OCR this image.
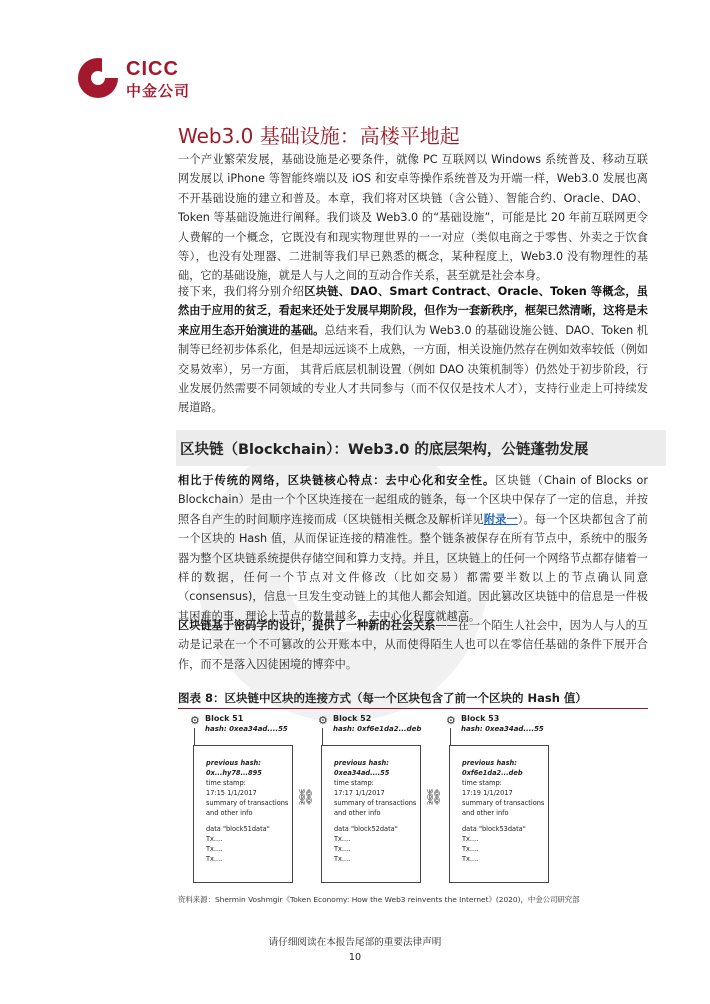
CICC
中金公司
Web3.0 基础设施：高楼平地起
一个产业繁荣发展，基础设施是必要条件，就像 PC 互联网以 Windows 系统普及、移动互联网发展以 iPhone 等智能终端以及 iOS 和安卓等操作系统普及为开端一样，Web3.0 发展也离不开基础设施的建立和普及。本章，我们将对区块链（含公链）、智能合约、Oracle、DAO、Token 等基础设施进行阐释。我们谈及 Web3.0 的“基础设施”，可能是比 20 年前互联网更令人费解的一个概念，它既没有和现实物理世界的一一对应（类似电商之于零售、外卖之于饮食等），也没有处理器、二进制等我们早已熟悉的概念，某种程度上，Web3.0 没有物理性的基础，它的基础设施，就是人与人之间的互动合作关系，甚至就是社会本身。
接下来，我们将分别介绍区块链、DAO、Smart Contract、Oracle、Token 等概念，虽然由于应用的贫乏，看起来还处于发展早期阶段，但作为一套新秩序，框架已然清晰，这将是未来应用生态开始演进的基础。总结来看，我们认为 Web3.0 的基础设施公链、DAO、Token 机制等已经初步体系化，但是却远远谈不上成熟，一方面，相关设施仍然存在例如效率较低（例如交易效率），另一方面， 其背后底层机制设置（例如 DAO 决策机制等）仍然处于初步阶段，行业发展仍然需要不同领域的专业人才共同参与（而不仅仅是技术人才），支持行业走上可持续发展道路。
区块链（Blockchain）：Web3.0 的底层架构，公链蓬勃发展
相比于传统的网络，区块链核心特点：去中心化和安全性。区块链（Chain of Blocks or Blockchain）是由一个个区块连接在一起组成的链条，每一个区块中保存了一定的信息，并按照各自产生的时间顺序连接而成（区块链相关概念及解析详见附录一）。每一个区块都包含了前一个区块的 Hash 值，从而保证连接的精准性。整个链条被保存在所有节点中，系统中的服务器为整个区块链系统提供存储空间和算力支持。并且，区块链上的任何一个网络节点都存储着一样的数据，任何一个节点对文件修改（比如交易）都需要半数以上的节点确认同意（consensus)，信息一旦发生变动链上的其他人都会知道。因此篡改区块链中的信息是一件极其困难的事，理论上节点的数量越多，去中心化程度就越高。
区块链基于密码学的设计，提供了一种新的社会关系——在一个陌生人社会中，因为人与人的互动是记录在一个不可篡改的公开账本中，从而使得陌生人也可以在零信任基础的条件下展开合作，而不是落入囚徒困境的博弈中。
图表 8：区块链中区块的连接方式（每一个区块包含了前一个区块的 Hash 值）
⚙ Block 51
hash: 0xea34ad....55
previous hash:
0x...hy78...895
time stamp:
17:15 1/1/2017
summary of transactions
and other info
data "block51data"
Tx....
Tx....
Tx....
⛓
⚙ Block 52
hash: 0xf6e1da2...deb
previous hash:
0xea34ad....55
time stamp:
17:17 1/1/2017
summary of transactions
and other info
data "block52data"
Tx....
Tx....
Tx....
⛓
⚙ Block 53
hash: 0xea34ad....55
previous hash:
0xf6e1da2...deb
time stamp:
17:19 1/1/2017
summary of transactions
and other info
data "block53data"
Tx....
Tx....
Tx....
资料来源：Shermin Voshmgir《Token Economy: How the Web3 reinvents the Internet》(2020)，中金公司研究部
请仔细阅读在本报告尾部的重要法律声明
10
